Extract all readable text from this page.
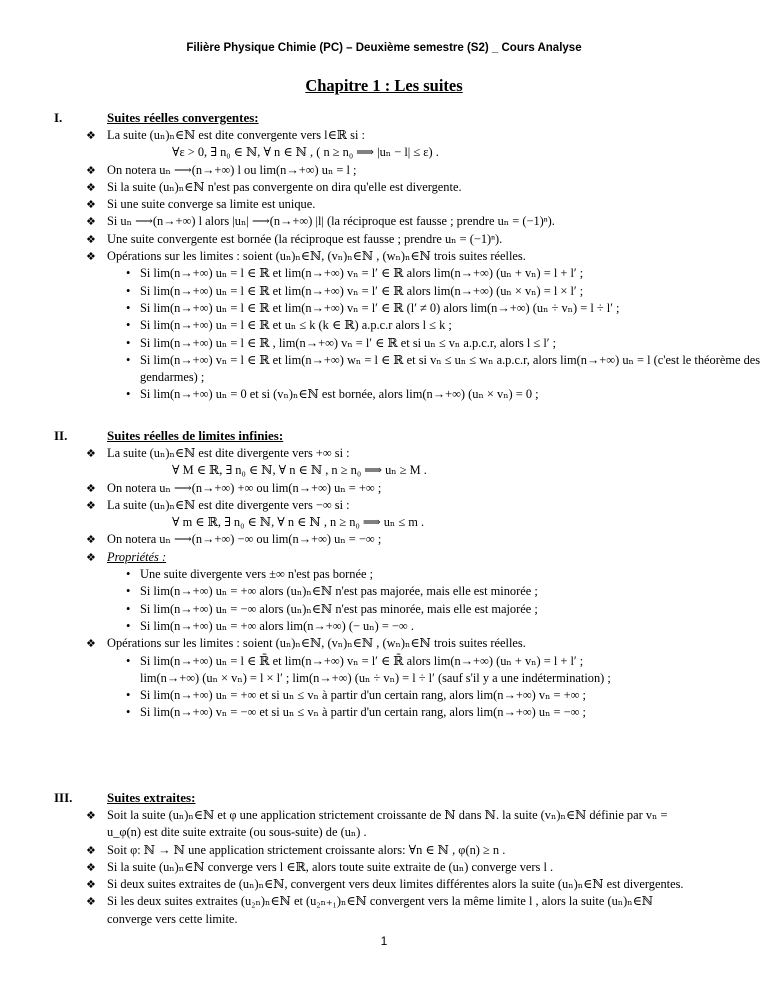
Filière Physique Chimie (PC) – Deuxième semestre (S2) _ Cours Analyse
Chapitre 1 : Les suites
I.	Suites réelles convergentes:
❖ La suite (uₙ)ₙ∈ℕ est dite convergente vers l∈ℝ si :
∀ε > 0, ∃ n₀ ∈ ℕ, ∀ n ∈ ℕ , ( n ≥ n₀ ⟹ |uₙ − l| ≤ ε) .
❖ On notera uₙ ⟶(n→+∞) l ou lim(n→+∞) uₙ = l ;
❖ Si la suite (uₙ)ₙ∈ℕ n'est pas convergente on dira qu'elle est divergente.
❖ Si une suite converge sa limite est unique.
❖ Si uₙ ⟶(n→+∞) l alors |uₙ| ⟶(n→+∞) |l| (la réciproque est fausse ; prendre uₙ = (−1)ⁿ).
❖ Une suite convergente est bornée (la réciproque est fausse ; prendre uₙ = (−1)ⁿ).
❖ Opérations sur les limites : soient (uₙ)ₙ∈ℕ, (vₙ)ₙ∈ℕ , (wₙ)ₙ∈ℕ trois suites réelles.
• Si lim(n→+∞) uₙ = l ∈ ℝ et lim(n→+∞) vₙ = l′ ∈ ℝ alors lim(n→+∞) (uₙ + vₙ) = l + l′ ;
• Si lim(n→+∞) uₙ = l ∈ ℝ et lim(n→+∞) vₙ = l′ ∈ ℝ alors lim(n→+∞) (uₙ × vₙ) = l × l′ ;
• Si lim(n→+∞) uₙ = l ∈ ℝ et lim(n→+∞) vₙ = l′ ∈ ℝ (l′ ≠ 0) alors lim(n→+∞) (uₙ ÷ vₙ) = l ÷ l′ ;
• Si lim(n→+∞) uₙ = l ∈ ℝ et uₙ ≤ k (k ∈ ℝ) a.p.c.r alors l ≤ k ;
• Si lim(n→+∞) uₙ = l ∈ ℝ , lim(n→+∞) vₙ = l′ ∈ ℝ et si uₙ ≤ vₙ a.p.c.r, alors l ≤ l′ ;
• Si lim(n→+∞) vₙ = l ∈ ℝ et lim(n→+∞) wₙ = l ∈ ℝ et si vₙ ≤ uₙ ≤ wₙ a.p.c.r, alors lim(n→+∞) uₙ = l (c'est le théorème des
gendarmes) ;
• Si lim(n→+∞) uₙ = 0 et si (vₙ)ₙ∈ℕ est bornée, alors lim(n→+∞) (uₙ × vₙ) = 0 ;
II.	Suites réelles de limites infinies:
❖ La suite (uₙ)ₙ∈ℕ est dite divergente vers +∞ si :
∀ M ∈ ℝ, ∃ n₀ ∈ ℕ, ∀ n ∈ ℕ , n ≥ n₀ ⟹ uₙ ≥ M .
❖ On notera uₙ ⟶(n→+∞) +∞ ou lim(n→+∞) uₙ = +∞ ;
❖ La suite (uₙ)ₙ∈ℕ est dite divergente vers −∞ si :
∀ m ∈ ℝ, ∃ n₀ ∈ ℕ, ∀ n ∈ ℕ , n ≥ n₀ ⟹ uₙ ≤ m .
❖ On notera uₙ ⟶(n→+∞) −∞ ou lim(n→+∞) uₙ = −∞ ;
❖ Propriétés :
• Une suite divergente vers ±∞ n'est pas bornée ;
• Si lim(n→+∞) uₙ = +∞ alors (uₙ)ₙ∈ℕ n'est pas majorée, mais elle est minorée ;
• Si lim(n→+∞) uₙ = −∞ alors (uₙ)ₙ∈ℕ n'est pas minorée, mais elle est majorée ;
• Si lim(n→+∞) uₙ = +∞ alors lim(n→+∞) (− uₙ) = −∞ .
❖ Opérations sur les limites : soient (uₙ)ₙ∈ℕ, (vₙ)ₙ∈ℕ , (wₙ)ₙ∈ℕ trois suites réelles.
• Si lim(n→+∞) uₙ = l ∈ ℝ̄ et lim(n→+∞) vₙ = l′ ∈ ℝ̄ alors lim(n→+∞) (uₙ + vₙ) = l + l′ ;
lim(n→+∞) (uₙ × vₙ) = l × l′ ; lim(n→+∞) (uₙ ÷ vₙ) = l ÷ l′ (sauf s'il y a une indétermination) ;
• Si lim(n→+∞) uₙ = +∞ et si uₙ ≤ vₙ à partir d'un certain rang, alors lim(n→+∞) vₙ = +∞ ;
• Si lim(n→+∞) vₙ = −∞ et si uₙ ≤ vₙ à partir d'un certain rang, alors lim(n→+∞) uₙ = −∞ ;
III.	Suites extraites:
❖ Soit la suite (uₙ)ₙ∈ℕ et φ une application strictement croissante de ℕ dans ℕ. la suite (vₙ)ₙ∈ℕ définie par vₙ =
u_φ(n) est dite suite extraite (ou sous-suite) de (uₙ) .
❖ Soit φ: ℕ → ℕ une application strictement croissante alors: ∀n ∈ ℕ , φ(n) ≥ n .
❖ Si la suite (uₙ)ₙ∈ℕ converge vers l ∈ℝ, alors toute suite extraite de (uₙ) converge vers l .
❖ Si deux suites extraites de (uₙ)ₙ∈ℕ, convergent vers deux limites différentes alors la suite (uₙ)ₙ∈ℕ est divergentes.
❖ Si les deux suites extraites (u₂ₙ)ₙ∈ℕ et (u₂ₙ₊₁)ₙ∈ℕ convergent vers la même limite l , alors la suite (uₙ)ₙ∈ℕ
converge vers cette limite.
1
